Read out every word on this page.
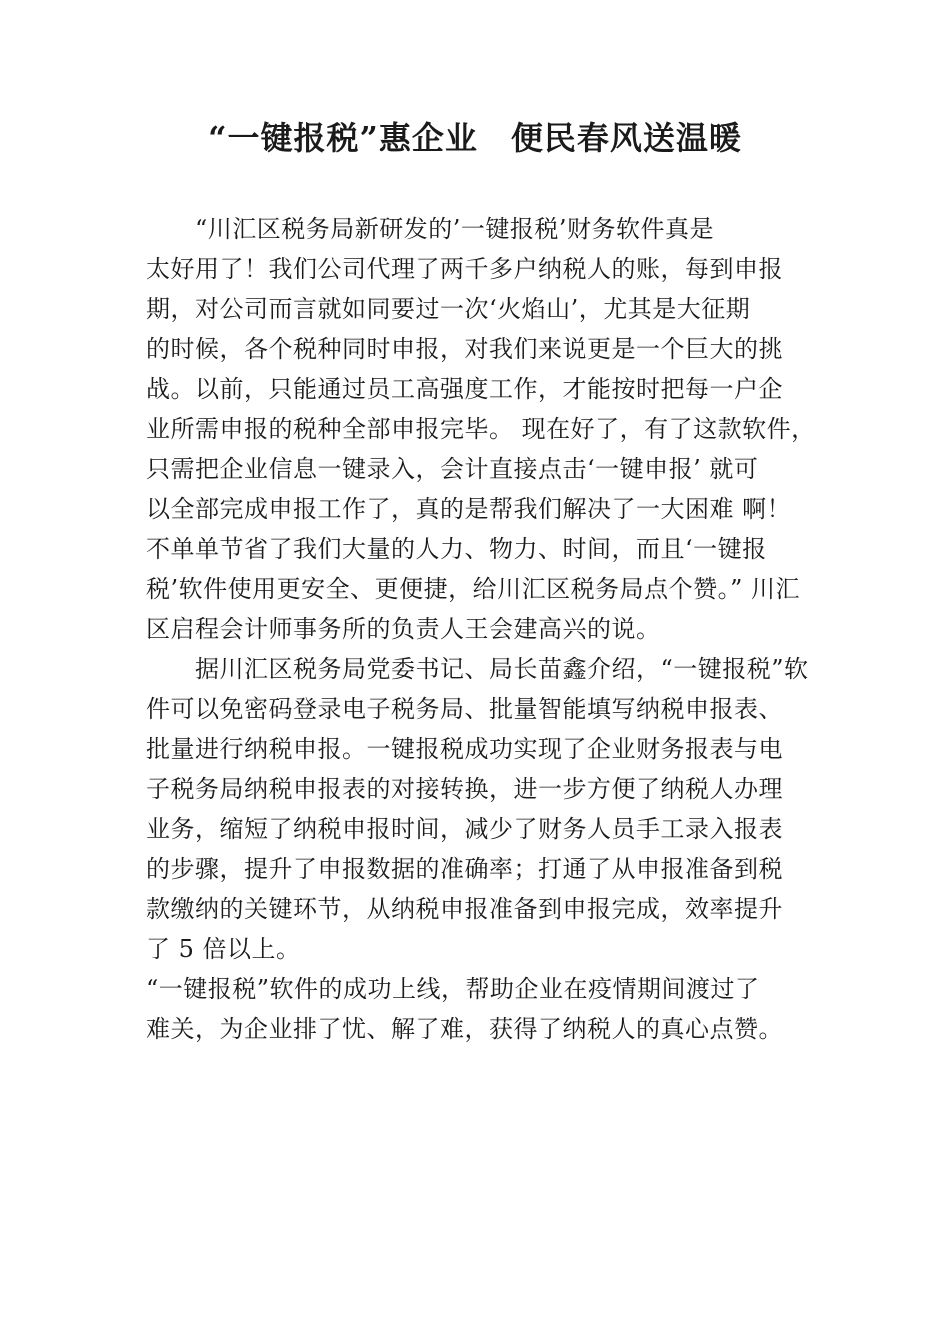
“一键报税”惠企业　便民春风送温暖
　　“川汇区税务局新研发的’一键报税’财务软件真是
太好用了！我们公司代理了两千多户纳税人的账，每到申报
期，对公司而言就如同要过一次‘火焰山’，尤其是大征期
的时候，各个税种同时申报，对我们来说更是一个巨大的挑
战。以前，只能通过员工高强度工作，才能按时把每一户企
业所需申报的税种全部申报完毕。 现在好了，有了这款软件，
只需把企业信息一键录入，会计直接点击‘一键申报’ 就可
以全部完成申报工作了，真的是帮我们解决了一大困难 啊！
不单单节省了我们大量的人力、物力、时间，而且‘一键报
税’软件使用更安全、更便捷，给川汇区税务局点个赞。” 川汇
区启程会计师事务所的负责人王会建高兴的说。
　　据川汇区税务局党委书记、局长苗鑫介绍，“一键报税”软
件可以免密码登录电子税务局、批量智能填写纳税申报表、
批量进行纳税申报。一键报税成功实现了企业财务报表与电
子税务局纳税申报表的对接转换，进一步方便了纳税人办理
业务，缩短了纳税申报时间，减少了财务人员手工录入报表
的步骤，提升了申报数据的准确率；打通了从申报准备到税
款缴纳的关键环节，从纳税申报准备到申报完成，效率提升
了 5 倍以上。
“一键报税”软件的成功上线，帮助企业在疫情期间渡过了
难关，为企业排了忧、解了难，获得了纳税人的真心点赞。
